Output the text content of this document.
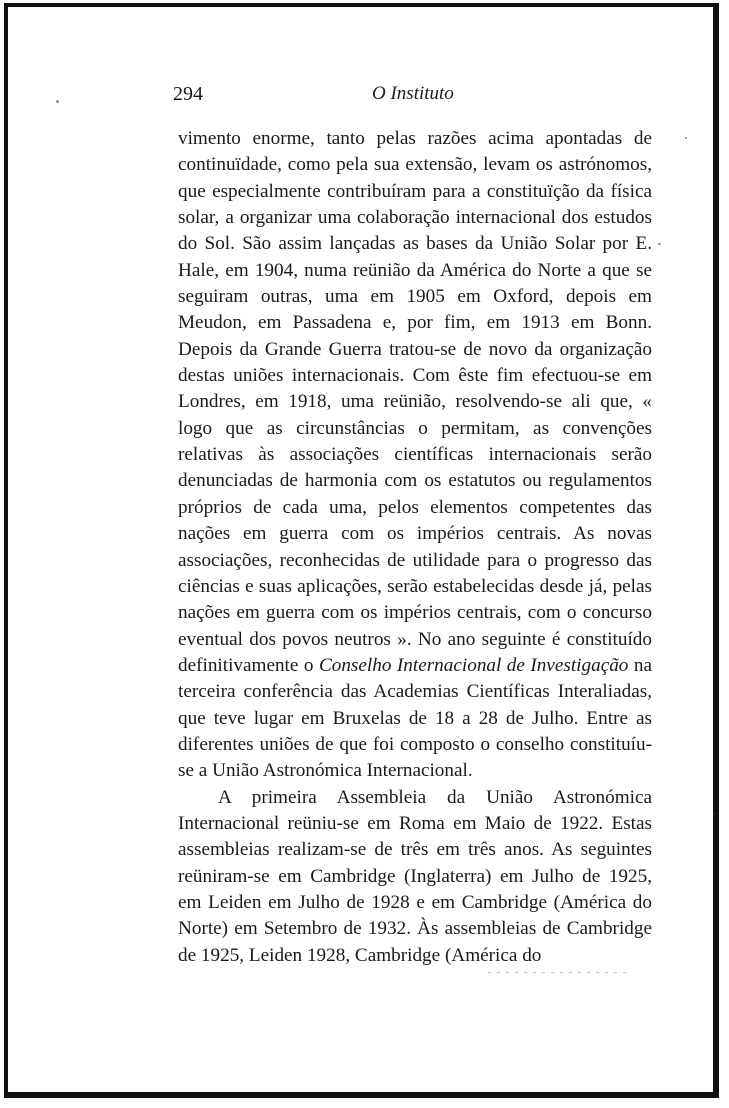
294	O Instituto

vimento enorme, tanto pelas razões acima apontadas de continuïdade, como pela sua extensão, levam os astrónomos, que especialmente contribuíram para a constituïção da física solar, a organizar uma colaboração internacional dos estudos do Sol. São assim lançadas as bases da União Solar por E. Hale, em 1904, numa reünião da América do Norte a que se seguiram outras, uma em 1905 em Oxford, depois em Meudon, em Passadena e, por fim, em 1913 em Bonn. Depois da Grande Guerra tratou-se de novo da organização destas uniões internacionais. Com êste fim efectuou-se em Londres, em 1918, uma reünião, resolvendo-se ali que, « logo que as circunstâncias o permitam, as convenções relativas às associações científicas internacionais serão denunciadas de harmonia com os estatutos ou regulamentos próprios de cada uma, pelos elementos competentes das nações em guerra com os impérios centrais. As novas associações, reconhecidas de utilidade para o progresso das ciências e suas aplicações, serão estabelecidas desde já, pelas nações em guerra com os impérios centrais, com o concurso eventual dos povos neutros ». No ano seguinte é constituído definitivamente o Conselho Internacional de Investigação na terceira conferência das Academias Científicas Interaliadas, que teve lugar em Bruxelas de 18 a 28 de Julho. Entre as diferentes uniões de que foi composto o conselho constituíu-se a União Astronómica Internacional.

A primeira Assembleia da União Astronómica Internacional reüniu-se em Roma em Maio de 1922. Estas assembleias realizam-se de três em três anos. As seguintes reüniram-se em Cambridge (Inglaterra) em Julho de 1925, em Leiden em Julho de 1928 e em Cambridge (América do Norte) em Setembro de 1932. Às assembleias de Cambridge de 1925, Leiden 1928, Cambridge (América do
